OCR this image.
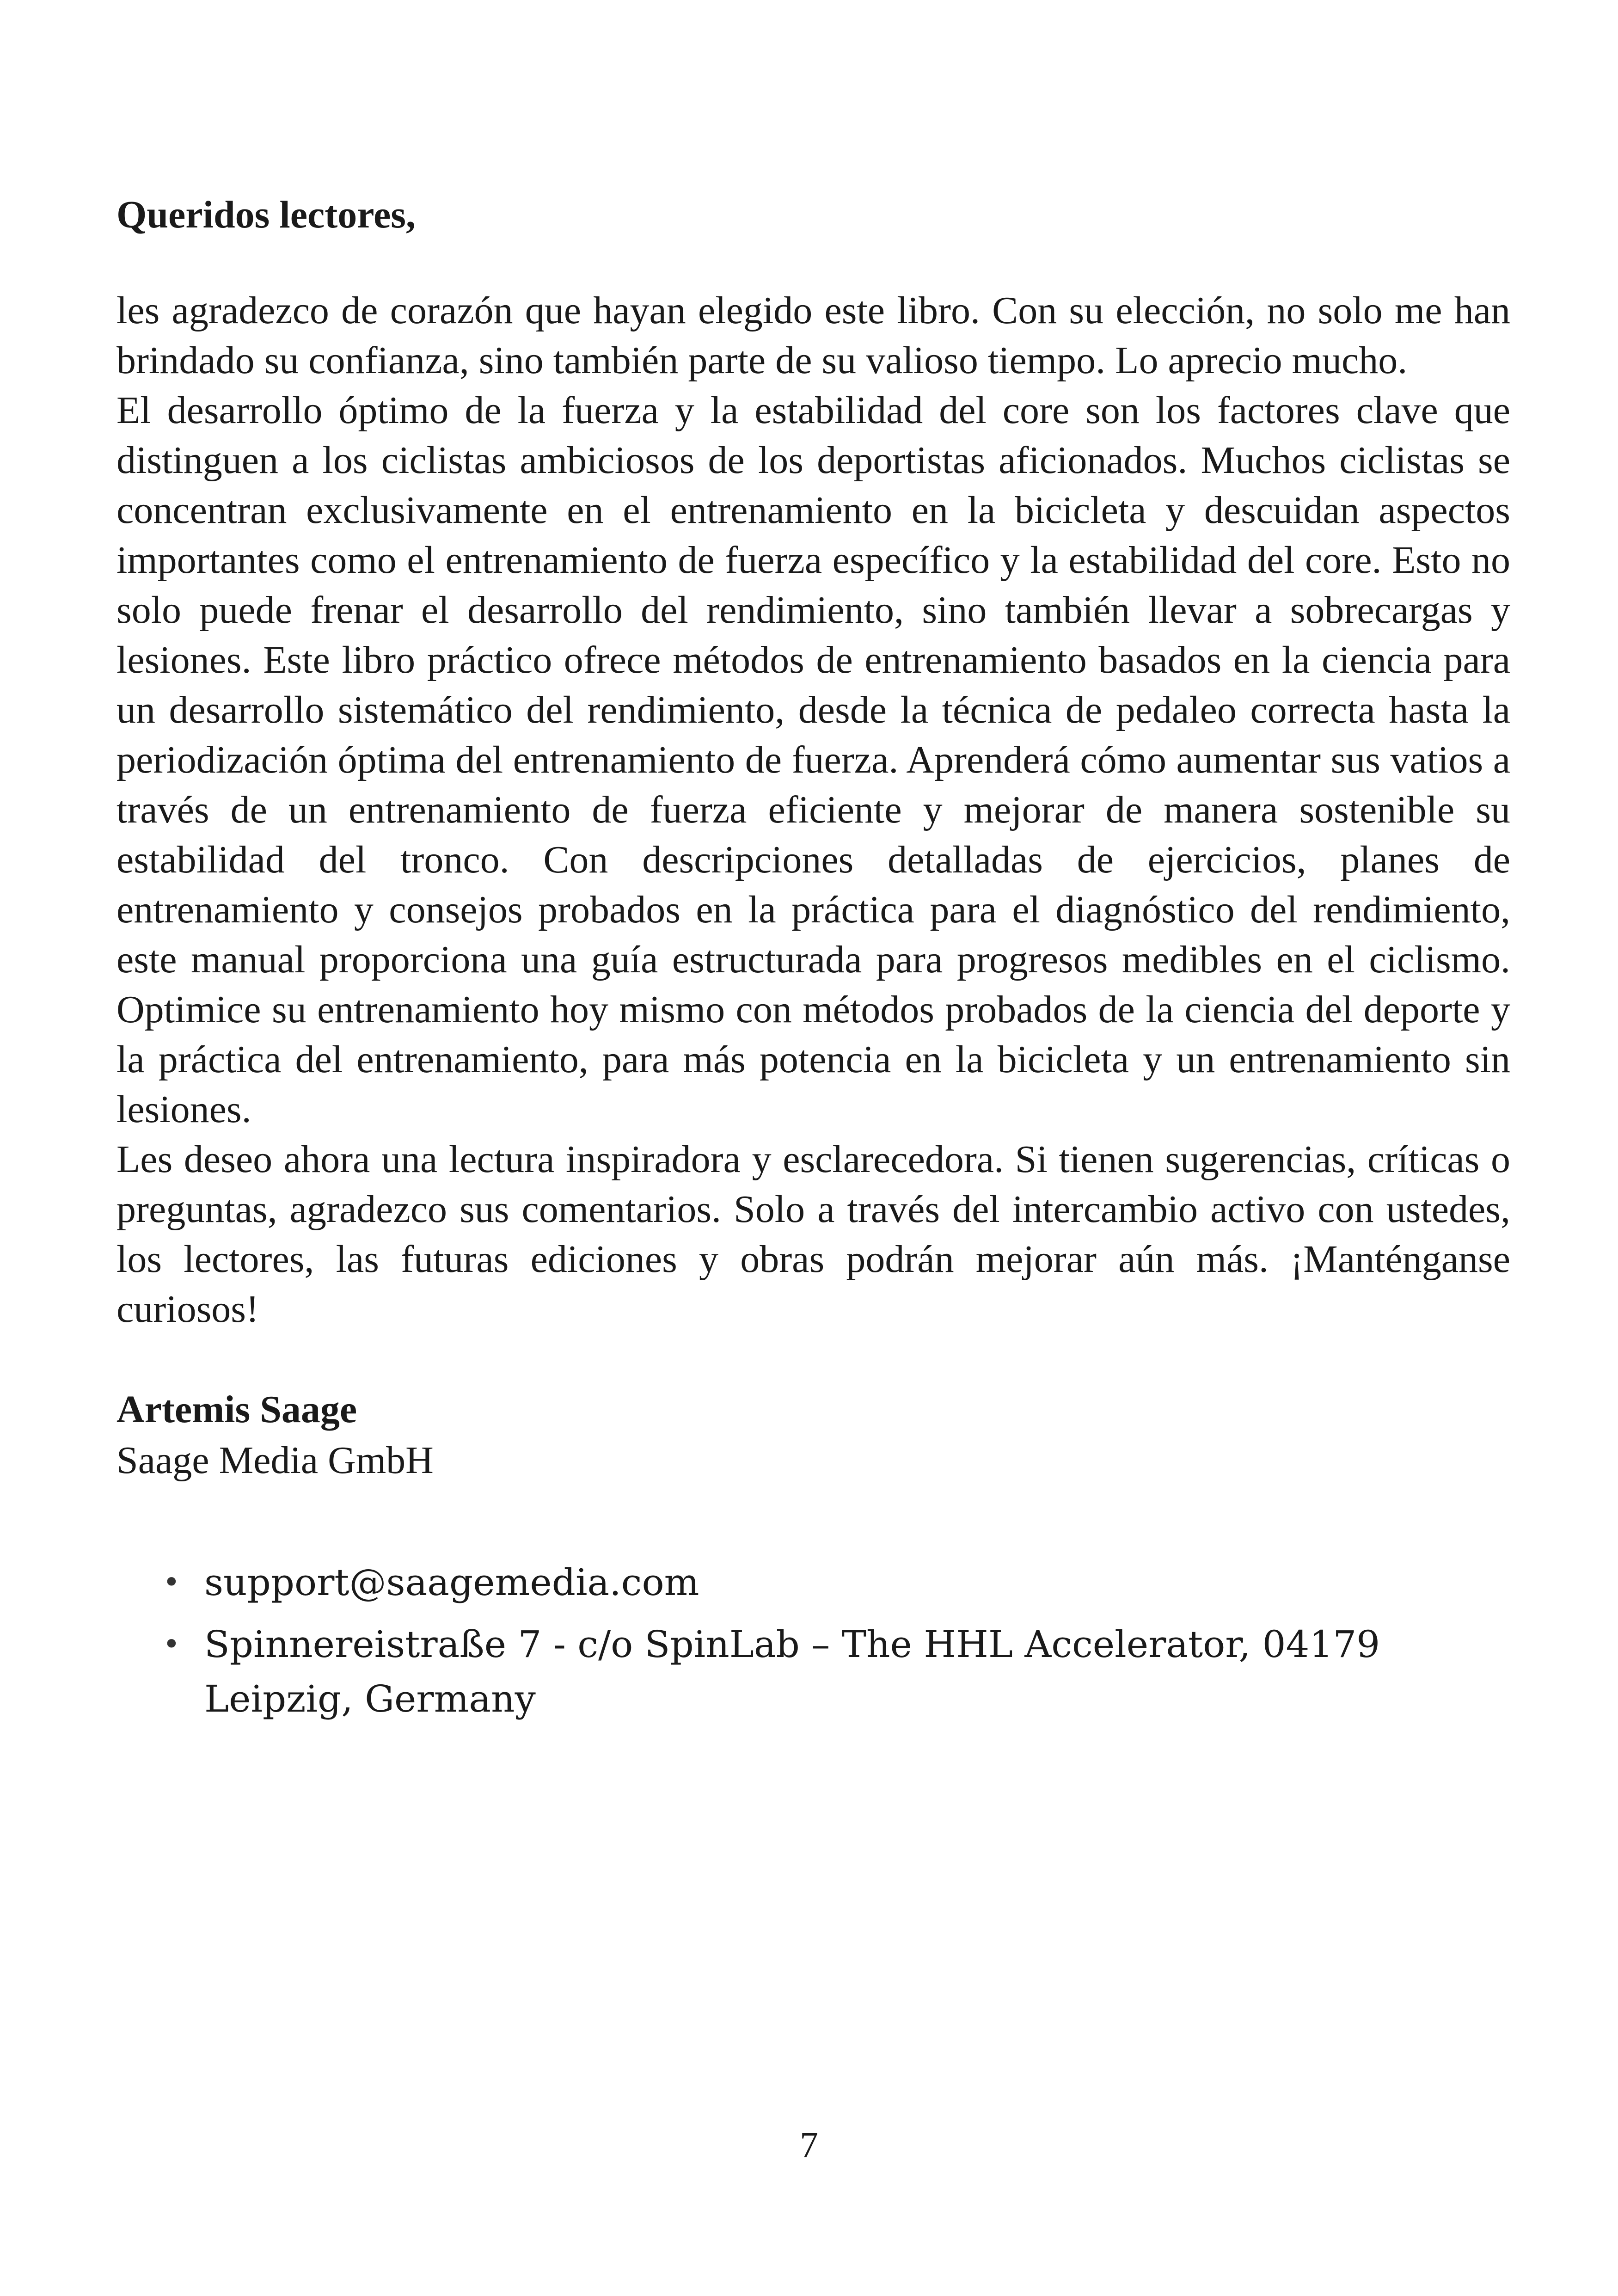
Queridos lectores,

les agradezco de corazón que hayan elegido este libro. Con su elección, no solo me han brindado su confianza, sino también parte de su valioso tiempo. Lo aprecio mucho.

El desarrollo óptimo de la fuerza y la estabilidad del core son los factores clave que distinguen a los ciclistas ambiciosos de los deportistas aficionados. Muchos ciclistas se concentran exclusivamente en el entrenamiento en la bicicleta y descuidan aspectos importantes como el entrenamiento de fuerza específico y la estabilidad del core. Esto no solo puede frenar el desarrollo del rendimiento, sino también llevar a sobrecargas y lesiones. Este libro práctico ofrece métodos de entrenamiento basados en la ciencia para un desarrollo sistemático del rendimiento, desde la técnica de pedaleo correcta hasta la periodización óptima del entrenamiento de fuerza. Aprenderá cómo aumentar sus vatios a través de un entrenamiento de fuerza eficiente y mejorar de manera sostenible su estabilidad del tronco. Con descripciones detalladas de ejercicios, planes de entrenamiento y consejos probados en la práctica para el diagnóstico del rendimiento, este manual proporciona una guía estructurada para progresos medibles en el ciclismo. Optimice su entrenamiento hoy mismo con métodos probados de la ciencia del deporte y la práctica del entrenamiento, para más potencia en la bicicleta y un entrenamiento sin lesiones.

Les deseo ahora una lectura inspiradora y esclarecedora. Si tienen sugerencias, críticas o preguntas, agradezco sus comentarios. Solo a través del intercambio activo con ustedes, los lectores, las futuras ediciones y obras podrán mejorar aún más. ¡Manténganse curiosos!

Artemis Saage

Saage Media GmbH

• support@saagemedia.com
• Spinnereistraße 7 - c/o SpinLab – The HHL Accelerator, 04179 Leipzig, Germany
7
